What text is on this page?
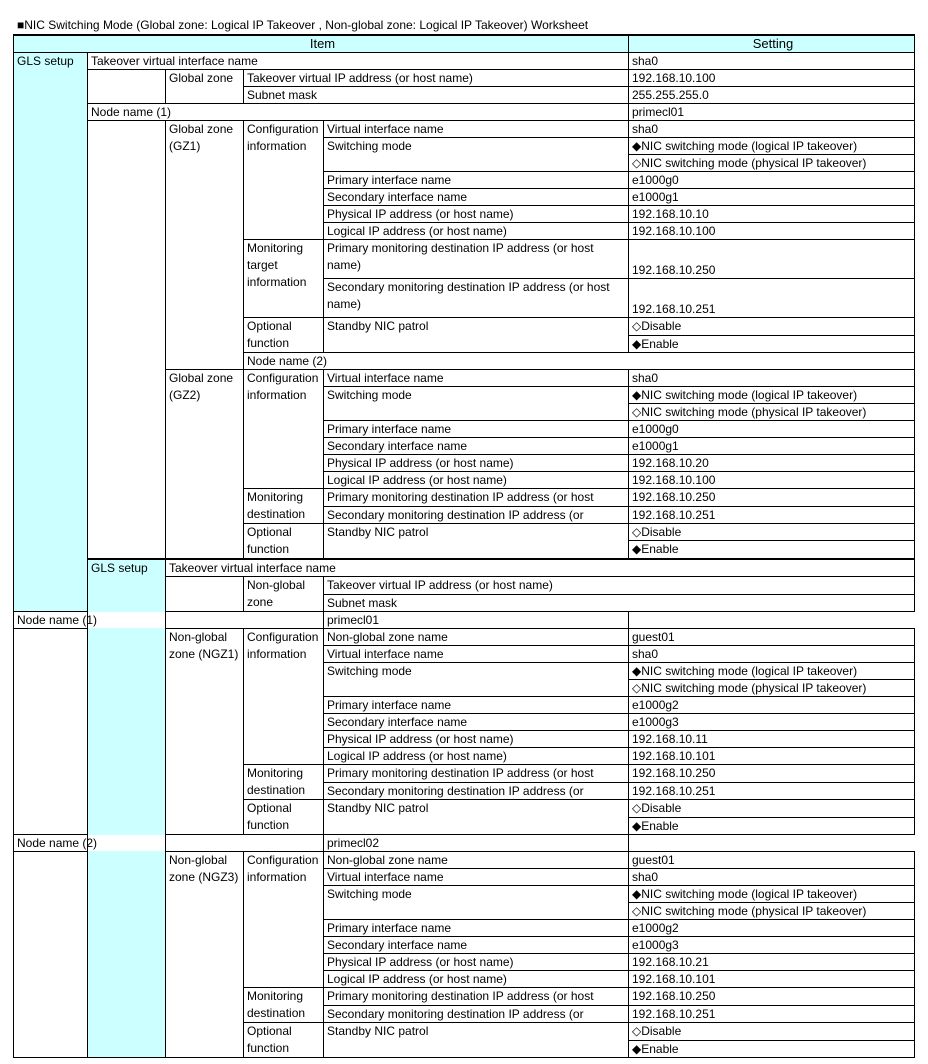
■NIC Switching Mode (Global zone: Logical IP Takeover , Non-global zone: Logical IP Takeover) Worksheet
Item					Setting	
GLS setup	Takeover virtual interface name				sha0	
		Global zone	Takeover virtual IP address (or host name)		192.168.10.100	
			Subnet mask		255.255.255.0	
	Node name (1)				primecl01	
		Global zone (GZ1)	Configuration information	Virtual interface name	sha0	
				Switching mode	◆NIC switching mode (logical IP takeover)	
					◇NIC switching mode (physical IP takeover)	
				Primary interface name	e1000g0	
				Secondary interface name	e1000g1	
				Physical IP address (or host name)	192.168.10.10	
				Logical IP address (or host name)	192.168.10.100	
			Monitoring target information	Primary monitoring destination IP address (or host name)	192.168.10.250	
				Secondary monitoring destination IP address (or host name)	192.168.10.251	
			Optional function	Standby NIC patrol	◇Disable	
					◆Enable	
			Node name (2)	
		Global zone (GZ2)	Configuration information	Virtual interface name	sha0	
				Switching mode	◆NIC switching mode (logical IP takeover)	
					◇NIC switching mode (physical IP takeover)	
				Primary interface name	e1000g0	
				Secondary interface name	e1000g1	
				Physical IP address (or host name)	192.168.10.20	
				Logical IP address (or host name)	192.168.10.100	
			Monitoring destination	Primary monitoring destination IP address (or host	192.168.10.250	
				Secondary monitoring destination IP address (or	192.168.10.251	
			Optional function	Standby NIC patrol	◇Disable	
					◆Enable	
	GLS setup	Takeover virtual interface name	
			Non-global zone	Takeover virtual IP address (or host name)	
				Subnet mask	
Node name (1)				primecl01		
		Non-global zone (NGZ1)	Configuration information	Non-global zone name	guest01	
				Virtual interface name	sha0	
				Switching mode	◆NIC switching mode (logical IP takeover)	
					◇NIC switching mode (physical IP takeover)	
				Primary interface name	e1000g2	
				Secondary interface name	e1000g3	
				Physical IP address (or host name)	192.168.10.11	
				Logical IP address (or host name)	192.168.10.101	
			Monitoring destination	Primary monitoring destination IP address (or host	192.168.10.250	
				Secondary monitoring destination IP address (or	192.168.10.251	
			Optional function	Standby NIC patrol	◇Disable	
					◆Enable	
Node name (2)				primecl02		
		Non-global zone (NGZ3)	Configuration information	Non-global zone name	guest01	
				Virtual interface name	sha0	
				Switching mode	◆NIC switching mode (logical IP takeover)	
					◇NIC switching mode (physical IP takeover)	
				Primary interface name	e1000g2	
				Secondary interface name	e1000g3	
				Physical IP address (or host name)	192.168.10.21	
				Logical IP address (or host name)	192.168.10.101	
			Monitoring destination	Primary monitoring destination IP address (or host	192.168.10.250	
				Secondary monitoring destination IP address (or	192.168.10.251	
			Optional function	Standby NIC patrol	◇Disable	
					◆Enable	
